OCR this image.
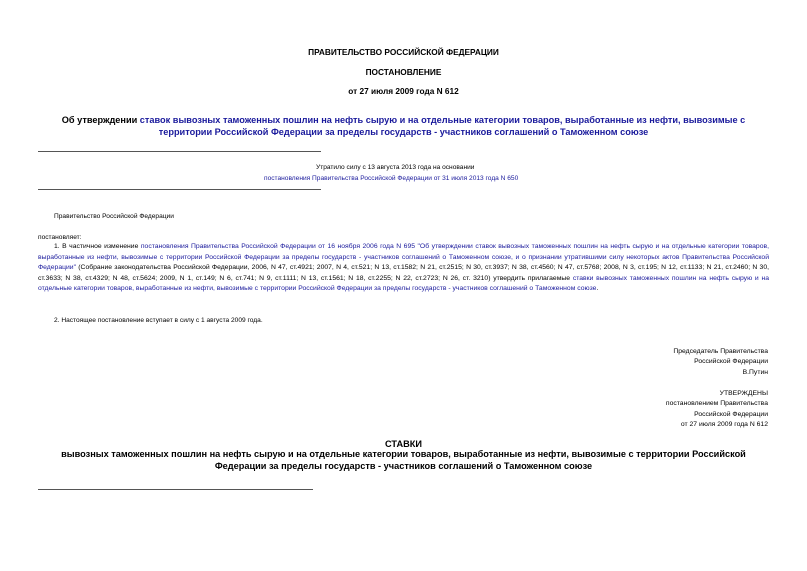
ПРАВИТЕЛЬСТВО РОССИЙСКОЙ ФЕДЕРАЦИИ
ПОСТАНОВЛЕНИЕ
от 27 июля 2009 года N 612
Об утверждении ставок вывозных таможенных пошлин на нефть сырую и на отдельные категории товаров, выработанные из нефти, вывозимые с территории Российской Федерации за пределы государств - участников соглашений о Таможенном союзе
Утратило силу с 13 августа 2013 года на основании
постановления Правительства Российской Федерации от 31 июля 2013 года N 650
Правительство Российской Федерации
постановляет:
1. В частичное изменение постановления Правительства Российской Федерации от 16 ноября 2006 года N 695 "Об утверждении ставок вывозных таможенных пошлин на нефть сырую и на отдельные категории товаров, выработанные из нефти, вывозимые с территории Российской Федерации за пределы государств - участников соглашений о Таможенном союзе, и о признании утратившими силу некоторых актов Правительства Российской Федерации" (Собрание законодательства Российской Федерации, 2006, N 47, ст.4921; 2007, N 4, ст.521; N 13, ст.1582; N 21, ст.2515; N 30, ст.3937; N 38, ст.4560; N 47, ст.5768; 2008, N 3, ст.195; N 12, ст.1133; N 21, ст.2460; N 30, ст.3633; N 38, ст.4329; N 48, ст.5624; 2009, N 1, ст.149; N 6, ст.741; N 9, ст.1111; N 13, ст.1561; N 18, ст.2255; N 22, ст.2723; N 26, ст. 3210) утвердить прилагаемые ставки вывозных таможенных пошлин на нефть сырую и на отдельные категории товаров, выработанные из нефти, вывозимые с территории Российской Федерации за пределы государств - участников соглашений о Таможенном союзе.
2. Настоящее постановление вступает в силу с 1 августа 2009 года.
Председатель Правительства
Российской Федерации
В.Путин
УТВЕРЖДЕНЫ
постановлением Правительства
Российской Федерации
от 27 июля 2009 года N 612
СТАВКИ
вывозных таможенных пошлин на нефть сырую и на отдельные категории товаров, выработанные из нефти, вывозимые с территории Российской Федерации за пределы государств - участников соглашений о Таможенном союзе
